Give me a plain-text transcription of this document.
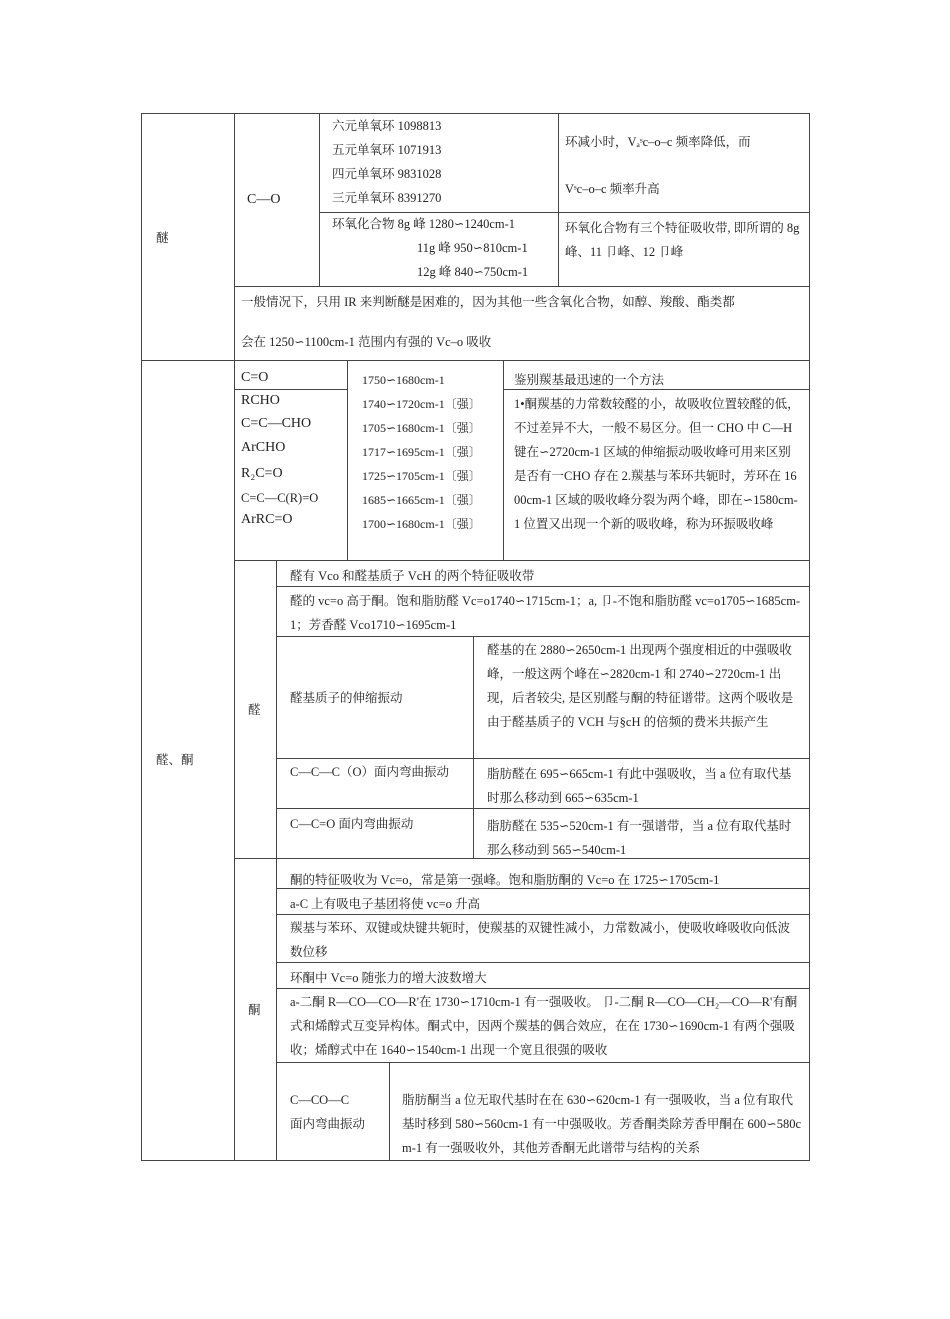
醚
C—O
六元单氧环 1098813
五元单氧环 1071913
四元单氧环 9831028
三元单氧环 8391270
环减小时，Vₐˢc–o–c 频率降低，而
Vˢc–o–c 频率升高
环氧化合物 8g 峰 1280∽1240cm-1
11g 峰 950∽810cm-1
12g 峰 840∽750cm-1
环氧化合物有三个特征吸收带, 即所谓的 8g 峰、11 卩峰、12 卩峰
一般情况下，只用 IR 来判断醚是困难的，因为其他一些含氧化合物，如醇、羧酸、酯类都
会在 1250∽1100cm-1 范围内有强的 Vc–o 吸收
醛、酮
C=O
RCHO
C=C—CHO
ArCHO
R₂C=O
C=C—C(R)=O
ArRC=O
1750∽1680cm-1
1740∽1720cm-1〔强〕
1705∽1680cm-1〔强〕
1717∽1695cm-1〔强〕
1725∽1705cm-1〔强〕
1685∽1665cm-1〔强〕
1700∽1680cm-1〔强〕
鉴别羰基最迅速的一个方法
1•酮羰基的力常数较醛的小，故吸收位置较醛的低，不过差异不大，一般不易区分。但一 CHO 中 C—H 键在∽2720cm-1 区域的伸缩振动吸收峰可用来区别是否有一CHO 存在 2.羰基与苯环共轭时，芳环在 1600cm-1 区域的吸收峰分裂为两个峰，即在∽1580cm-1 位置又出现一个新的吸收峰，称为环振吸收峰
醛
醛有 Vco 和醛基质子 VcH 的两个特征吸收带
醛的 vc=o 高于酮。饱和脂肪醛 Vc=o1740∽1715cm-1；a, 卩-不饱和脂肪醛 vc=o1705∽1685cm-1；芳香醛 Vco1710∽1695cm-1
醛基质子的伸缩振动
醛基的在 2880∽2650cm-1 出现两个强度相近的中强吸收峰，一般这两个峰在∽2820cm-1 和 2740∽2720cm-1 出现，后者较尖, 是区别醛与酮的特征谱带。这两个吸收是由于醛基质子的 VCH 与§cH 的倍频的费米共振产生
C—C—C（O）面内弯曲振动	脂肪醛在 695∽665cm-1 有此中强吸收，当 a 位有取代基时那么移动到 665∽635cm-1
C—C=O 面内弯曲振动	脂肪醛在 535∽520cm-1 有一强谱带，当 a 位有取代基时那么移动到 565∽540cm-1
酮
酮的特征吸收为 Vc=o，常是第一强峰。饱和脂肪酮的 Vc=o 在 1725∽1705cm-1
a-C 上有吸电子基团将使 vc=o 升高
羰基与苯环、双键或炔键共轭时，使羰基的双键性减小，力常数减小，使吸收峰吸收向低波数位移
环酮中 Vc=o 随张力的增大波数增大
a-二酮 R—CO—CO—R'在 1730∽1710cm-1 有一强吸收。 卩-二酮 R—CO—CH₂—CO—R'有酮式和烯醇式互变异构体。酮式中，因两个羰基的偶合效应，在在 1730∽1690cm-1 有两个强吸收；烯醇式中在 1640∽1540cm-1 出现一个宽且很强的吸收
C—CO—C
面内弯曲振动
脂肪酮当 a 位无取代基时在在 630∽620cm-1 有一强吸收，当 a 位有取代基时移到 580∽560cm-1 有一中强吸收。芳香酮类除芳香甲酮在 600∽580cm-1 有一强吸收外，其他芳香酮无此谱带与结构的关系
